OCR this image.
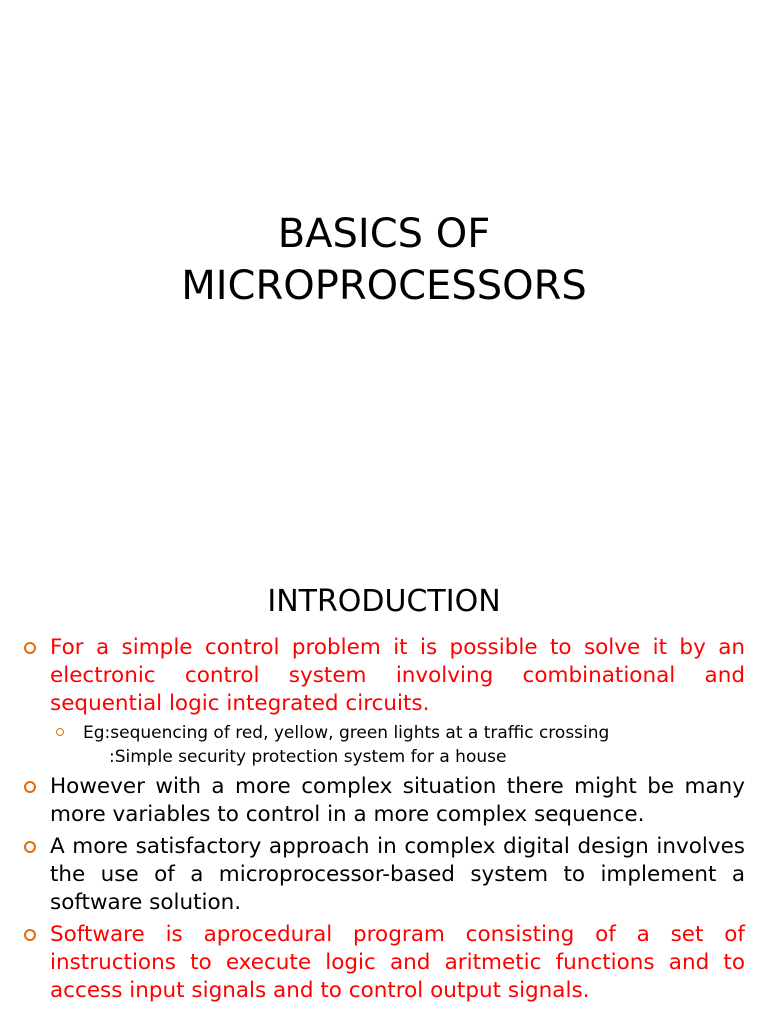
BASICS OF
MICROPROCESSORS
INTRODUCTION
For a simple control problem it is possible to solve it by an electronic control system involving combinational and sequential logic integrated circuits.
Eg:sequencing of red, yellow, green lights at a traffic crossing
:Simple security protection system for a house
However with a more complex situation there might be many more variables to control in a more complex sequence.
A more satisfactory approach in complex digital design involves the use of a microprocessor-based system to implement a software solution.
Software is aprocedural program consisting of a set of instructions to execute logic and aritmetic functions and to access input signals and to control output signals.
